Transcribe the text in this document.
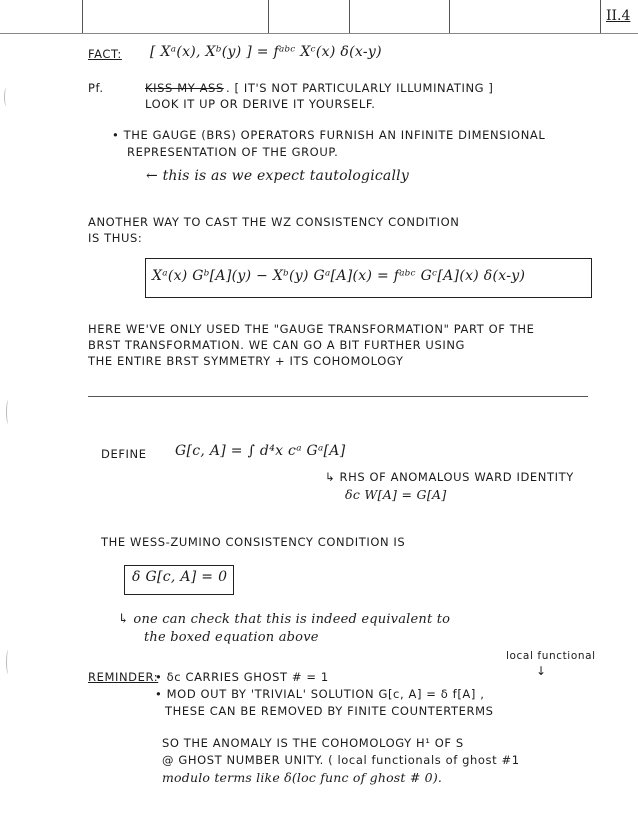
II.4
FACT: [ Xᵃ(x), Xᵇ(y) ] = fᵃᵇᶜ Xᶜ(x) δ(x-y)
Pf.	KISS MY ASS . [ IT'S NOT PARTICULARLY ILLUMINATING ]
LOOK IT UP OR DERIVE IT YOURSELF.
• THE GAUGE (BRS) OPERATORS FURNISH AN INFINITE DIMENSIONAL
REPRESENTATION OF THE GROUP.
← this is as we expect tautologically
ANOTHER WAY TO CAST THE WZ CONSISTENCY CONDITION
IS THUS:
Xᵃ(x) Gᵇ[A](y) − Xᵇ(y) Gᵃ[A](x) = fᵃᵇᶜ Gᶜ[A](x) δ(x-y)
HERE WE'VE ONLY USED THE "GAUGE TRANSFORMATION" PART OF THE
BRST TRANSFORMATION. WE CAN GO A BIT FURTHER USING
THE ENTIRE BRST SYMMETRY + ITS COHOMOLOGY
DEFINE G[c, A] = ∫ d⁴x cᵃ Gᵃ[A]
↳ RHS OF ANOMALOUS WARD IDENTITY
δc W[A] = G[A]
THE WESS-ZUMINO CONSISTENCY CONDITION IS
δ G[c, A] = 0
↳ one can check that this is indeed equivalent to
the boxed equation above
local functional
↓
REMINDER:
• δc CARRIES GHOST # = 1
• MOD OUT BY 'TRIVIAL' SOLUTION G[c, A] = δ f[A] ,
THESE CAN BE REMOVED BY FINITE COUNTERTERMS
SO THE ANOMALY IS THE COHOMOLOGY H¹ OF S
@ GHOST NUMBER UNITY. ( local functionals of ghost #1
modulo terms like δ(loc func of ghost # 0).
